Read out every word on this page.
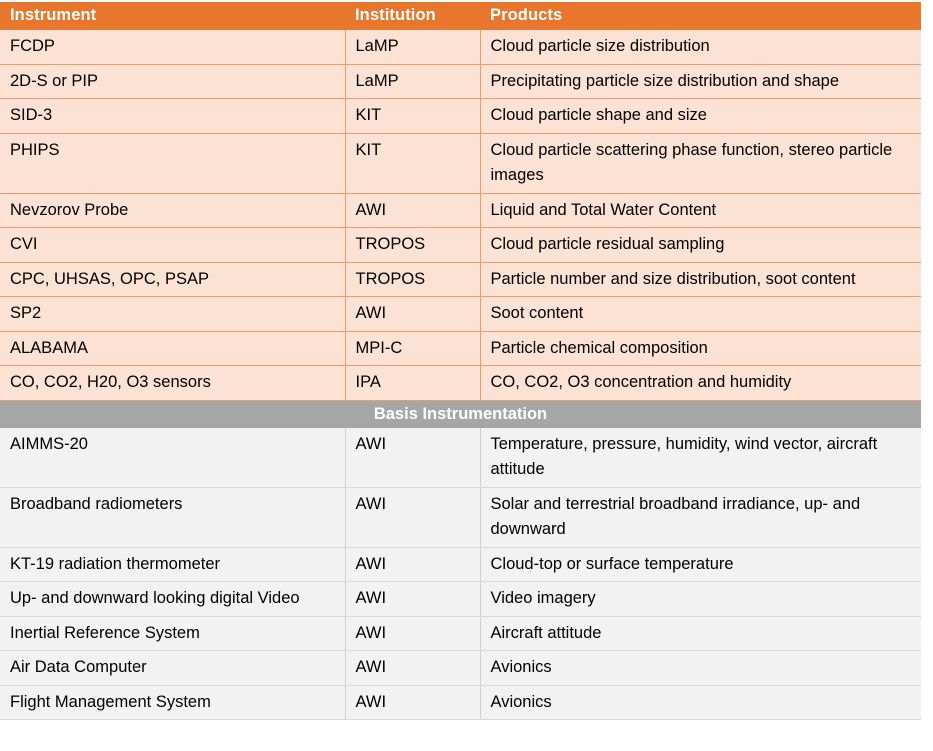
Instrument	Institution	Products

FCDP	LaMP	Cloud particle size distribution

2D-S or PIP	LaMP	Precipitating particle size distribution and shape

SID-3	KIT	Cloud particle shape and size

PHIPS	KIT	Cloud particle scattering phase function, stereo particle images

Nevzorov Probe	AWI	Liquid and Total Water Content

CVI	TROPOS	Cloud particle residual sampling

CPC, UHSAS, OPC, PSAP	TROPOS	Particle number and size distribution, soot content

SP2	AWI	Soot content

ALABAMA	MPI-C	Particle chemical composition

CO, CO2, H20, O3 sensors	IPA	CO, CO2, O3 concentration and humidity

Basis Instrumentation		

AIMMS-20	AWI	Temperature, pressure, humidity, wind vector, aircraft attitude

Broadband radiometers	AWI	Solar and terrestrial broadband irradiance, up- and downward

KT-19 radiation thermometer	AWI	Cloud-top or surface temperature

Up- and downward looking digital Video	AWI	Video imagery

Inertial Reference System	AWI	Aircraft attitude

Air Data Computer	AWI	Avionics

Flight Management System	AWI	Avionics
